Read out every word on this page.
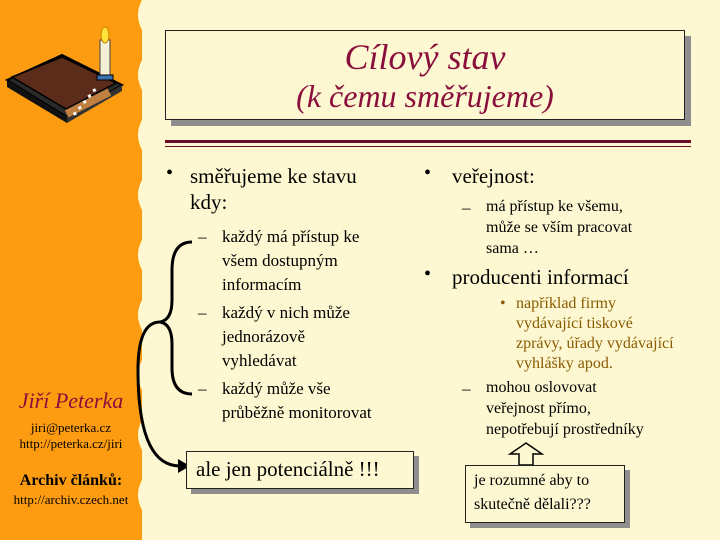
Jiří Peterka
jiri@peterka.cz
http://peterka.cz/jiri
Archiv článků:
http://archiv.czech.net
Cílový stav
(k čemu směřujeme)
• směřujeme ke stavu
kdy:
– každý má přístup ke
všem dostupným
informacím
– každý v nich může
jednorázově
vyhledávat
– každý může vše
průběžně monitorovat
ale jen potenciálně !!!
• veřejnost:
– má přístup ke všemu,
může se vším pracovat
sama …
• producenti informací
• například firmy
vydávající tiskové
zprávy, úřady vydávající
vyhlášky apod.
– mohou oslovovat
veřejnost přímo,
nepotřebují prostředníky
je rozumné aby to
skutečně dělali???
